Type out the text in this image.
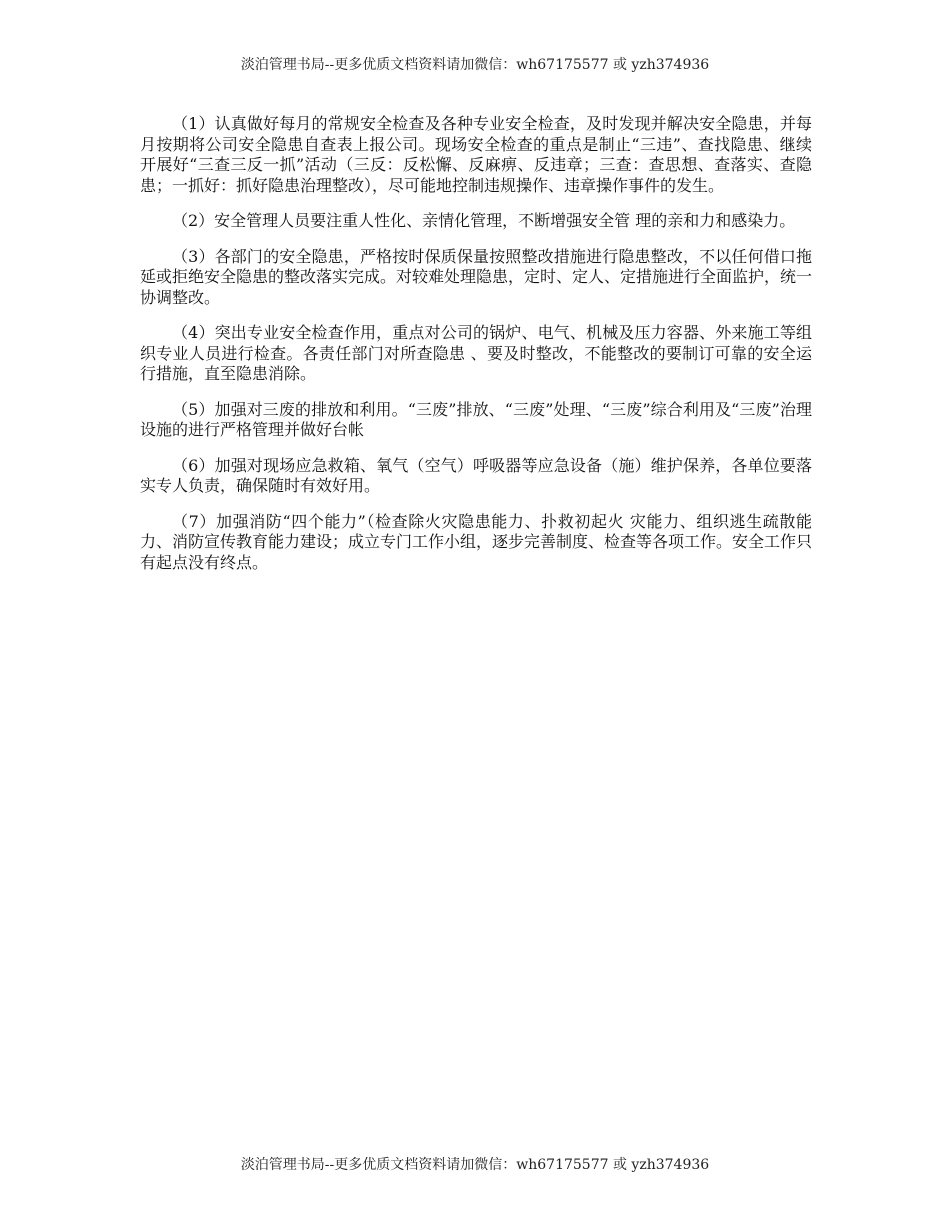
淡泊管理书局--更多优质文档资料请加微信：wh67175577 或 yzh374936

（1）认真做好每月的常规安全检查及各种专业安全检查，及时发现并解决安全隐患，并每月按期将公司安全隐患自查表上报公司。现场安全检查的重点是制止“三违”、查找隐患、继续开展好“三查三反一抓”活动（三反：反松懈、反麻痹、反违章；三查：查思想、查落实、查隐患；一抓好：抓好隐患治理整改），尽可能地控制违规操作、违章操作事件的发生。

（2）安全管理人员要注重人性化、亲情化管理，不断增强安全管 理的亲和力和感染力。

（3）各部门的安全隐患，严格按时保质保量按照整改措施进行隐患整改，不以任何借口拖延或拒绝安全隐患的整改落实完成。对较难处理隐患，定时、定人、定措施进行全面监护，统一协调整改。

（4）突出专业安全检查作用，重点对公司的锅炉、电气、机械及压力容器、外来施工等组织专业人员进行检查。各责任部门对所查隐患 、要及时整改，不能整改的要制订可靠的安全运行措施，直至隐患消除。

（5）加强对三废的排放和利用。“三废”排放、“三废”处理、“三废”综合利用及“三废”治理设施的进行严格管理并做好台帐

（6）加强对现场应急救箱、氧气（空气）呼吸器等应急设备（施）维护保养，各单位要落实专人负责，确保随时有效好用。

（7）加强消防“四个能力”（检查除火灾隐患能力、扑救初起火 灾能力、组织逃生疏散能力、消防宣传教育能力建设；成立专门工作小组，逐步完善制度、检查等各项工作。安全工作只有起点没有终点。

淡泊管理书局--更多优质文档资料请加微信：wh67175577 或 yzh374936
